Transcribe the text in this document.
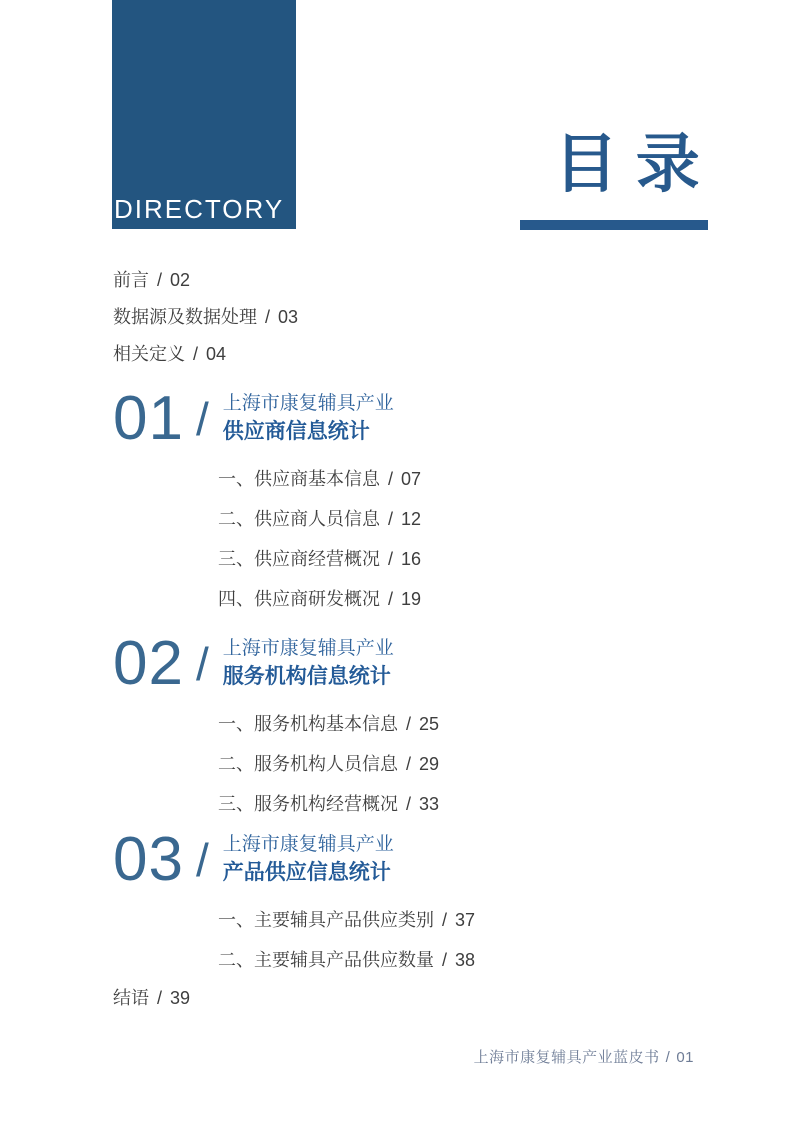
DIRECTORY
目 录
前言 / 02
数据源及数据处理 / 03
相关定义 / 04
01 / 上海市康复辅具产业
供应商信息统计
一、供应商基本信息 / 07
二、供应商人员信息 / 12
三、供应商经营概况 / 16
四、供应商研发概况 / 19
02 / 上海市康复辅具产业
服务机构信息统计
一、服务机构基本信息 / 25
二、服务机构人员信息 / 29
三、服务机构经营概况 / 33
03 / 上海市康复辅具产业
产品供应信息统计
一、主要辅具产品供应类别 / 37
二、主要辅具产品供应数量 / 38
结语 / 39
上海市康复辅具产业蓝皮书 / 01
